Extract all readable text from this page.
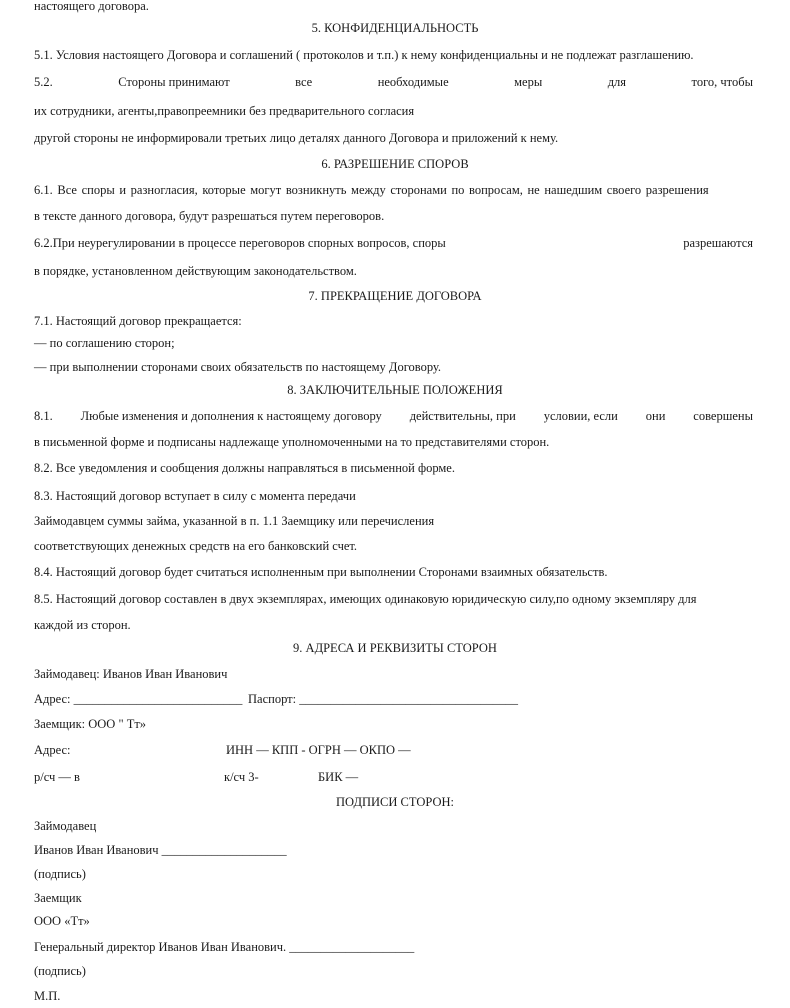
настоящего договора.
5. КОНФИДЕНЦИАЛЬНОСТЬ
5.1. Условия настоящего Договора и соглашений ( протоколов и т.п.) к нему конфиденциальны и не подлежат разглашению.
5.2.	Стороны принимают	все	необходимые	меры	для	того, чтобы
их сотрудники, агенты,правопреемники без предварительного согласия
другой стороны не информировали третьих лицо деталях данного Договора и приложений к нему.
6. РАЗРЕШЕНИЕ СПОРОВ
6.1. Все споры и разногласия, которые могут возникнуть между сторонами по вопросам, не нашедшим своего разрешения
в тексте данного договора, будут разрешаться путем переговоров.
6.2.При неурегулировании в процессе переговоров спорных вопросов, споры	разрешаются
в порядке, установленном действующим законодательством.
7. ПРЕКРАЩЕНИЕ ДОГОВОРА
7.1. Настоящий договор прекращается:
— по соглашению сторон;
— при выполнении сторонами своих обязательств по настоящему Договору.
8. ЗАКЛЮЧИТЕЛЬНЫЕ ПОЛОЖЕНИЯ
8.1. Любые изменения и дополнения к настоящему договору действительны, при условии, если они совершены
в письменной форме и подписаны надлежаще уполномоченными на то представителями сторон.
8.2. Все уведомления и сообщения должны направляться в письменной форме.
8.3. Настоящий договор вступает в силу с момента передачи
Займодавцем суммы займа, указанной в п. 1.1 Заемщику или перечисления
соответствующих денежных средств на его банковский счет.
8.4. Настоящий договор будет считаться исполненным при выполнении Сторонами взаимных обязательств.
8.5. Настоящий договор составлен в двух экземплярах, имеющих одинаковую юридическую силу,по одному экземпляру для
каждой из сторон.
9. АДРЕСА И РЕКВИЗИТЫ СТОРОН
Займодавец: Иванов Иван Иванович
Адрес: ___________________________ Паспорт: ___________________________________
Заемщик: ООО " Тт»
Адрес:	ИНН — КПП - ОГРН — ОКПО —
р/сч — в	к/сч 3-	БИК —
ПОДПИСИ СТОРОН:
Займодавец
Иванов Иван Иванович ____________________
(подпись)
Заемщик
ООО «Тт»
Генеральный директор Иванов Иван Иванович. ____________________
(подпись)
М.П.
